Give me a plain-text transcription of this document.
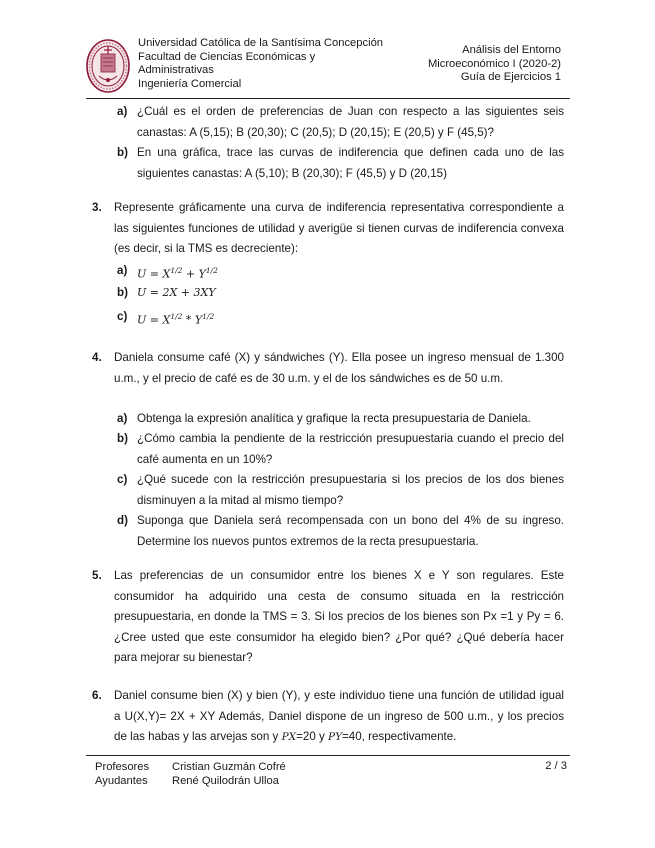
Universidad Católica de la Santísima Concepción
Facultad de Ciencias Económicas y
Administrativas
Ingeniería Comercial
Análisis del Entorno
Microeconómico I (2020-2)
Guía de Ejercicios 1
a) ¿Cuál es el orden de preferencias de Juan con respecto a las siguientes seis
canastas: A (5,15); B (20,30); C (20,5); D (20,15); E (20,5) y F (45,5)?
b) En una gráfica, trace las curvas de indiferencia que definen cada uno de las
siguientes canastas: A (5,10); B (20,30); F (45,5) y D (20,15)
3. Represente gráficamente una curva de indiferencia representativa correspondiente a
las siguientes funciones de utilidad y averigüe si tienen curvas de indiferencia convexa
(es decir, si la TMS es decreciente):
a) $U = X^{1/2} + Y^{1/2}$
b) U = 2X + 3XY
c) $U = X^{1/2} * Y^{1/2}$
4. Daniela consume café (X) y sándwiches (Y). Ella posee un ingreso mensual de 1.300
u.m., y el precio de café es de 30 u.m. y el de los sándwiches es de 50 u.m.
a) Obtenga la expresión analítica y grafique la recta presupuestaria de Daniela.
b) ¿Cómo cambia la pendiente de la restricción presupuestaria cuando el precio del
café aumenta en un 10%?
c) ¿Qué sucede con la restricción presupuestaria si los precios de los dos bienes
disminuyen a la mitad al mismo tiempo?
d) Suponga que Daniela será recompensada con un bono del 4% de su ingreso.
Determine los nuevos puntos extremos de la recta presupuestaria.
5. Las preferencias de un consumidor entre los bienes X e Y son regulares. Este
consumidor ha adquirido una cesta de consumo situada en la restricción
presupuestaria, en donde la TMS = 3. Si los precios de los bienes son Px =1 y Py = 6.
¿Cree usted que este consumidor ha elegido bien? ¿Por qué? ¿Qué debería hacer
para mejorar su bienestar?
6. Daniel consume bien (X) y bien (Y), y este individuo tiene una función de utilidad igual
a U(X,Y)= 2X + XY Además, Daniel dispone de un ingreso de 500 u.m., y los precios
de las habas y las arvejas son y PX=20 y PY=40, respectivamente.
Profesores Cristian Guzmán Cofré
Ayudantes René Quilodrán Ulloa
2 / 3
